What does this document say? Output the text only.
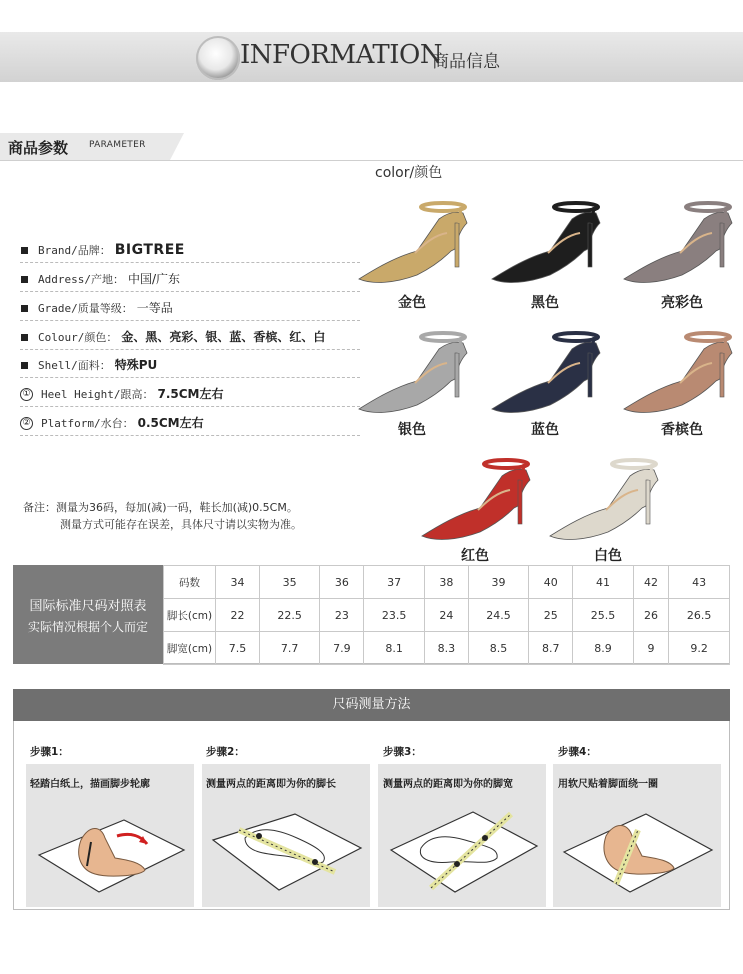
INFORMATION
商品信息
商品参数 PARAMETER
Brand/品牌： BIGTREE
Address/产地： 中国/广东
Grade/质量等级： 一等品
Colour/颜色： 金、黑、亮彩、银、蓝、香槟、红、白
Shell/面料： 特殊PU
① Heel Height/跟高： 7.5CM左右
② Platform/水台： 0.5CM左右
备注：测量为36码，每加(减)一码，鞋长加(减)0.5CM。
测量方式可能存在误差，具体尺寸请以实物为准。
color/颜色
金色	黑色	亮彩色
银色	蓝色	香槟色
红色	白色
国际标准尺码对照表
实际情况根据个人而定
码数	34	35	36	37	38	39	40	41	42	43
脚长(cm)	22	22.5	23	23.5	24	24.5	25	25.5	26	26.5
脚宽(cm)	7.5	7.7	7.9	8.1	8.3	8.5	8.7	8.9	9	9.2
尺码测量方法
步骤1：	步骤2：	步骤3：	步骤4：
轻踏白纸上，描画脚步轮廓	测量两点的距离即为你的脚长	测量两点的距离即为你的脚宽	用软尺贴着脚面绕一圈
